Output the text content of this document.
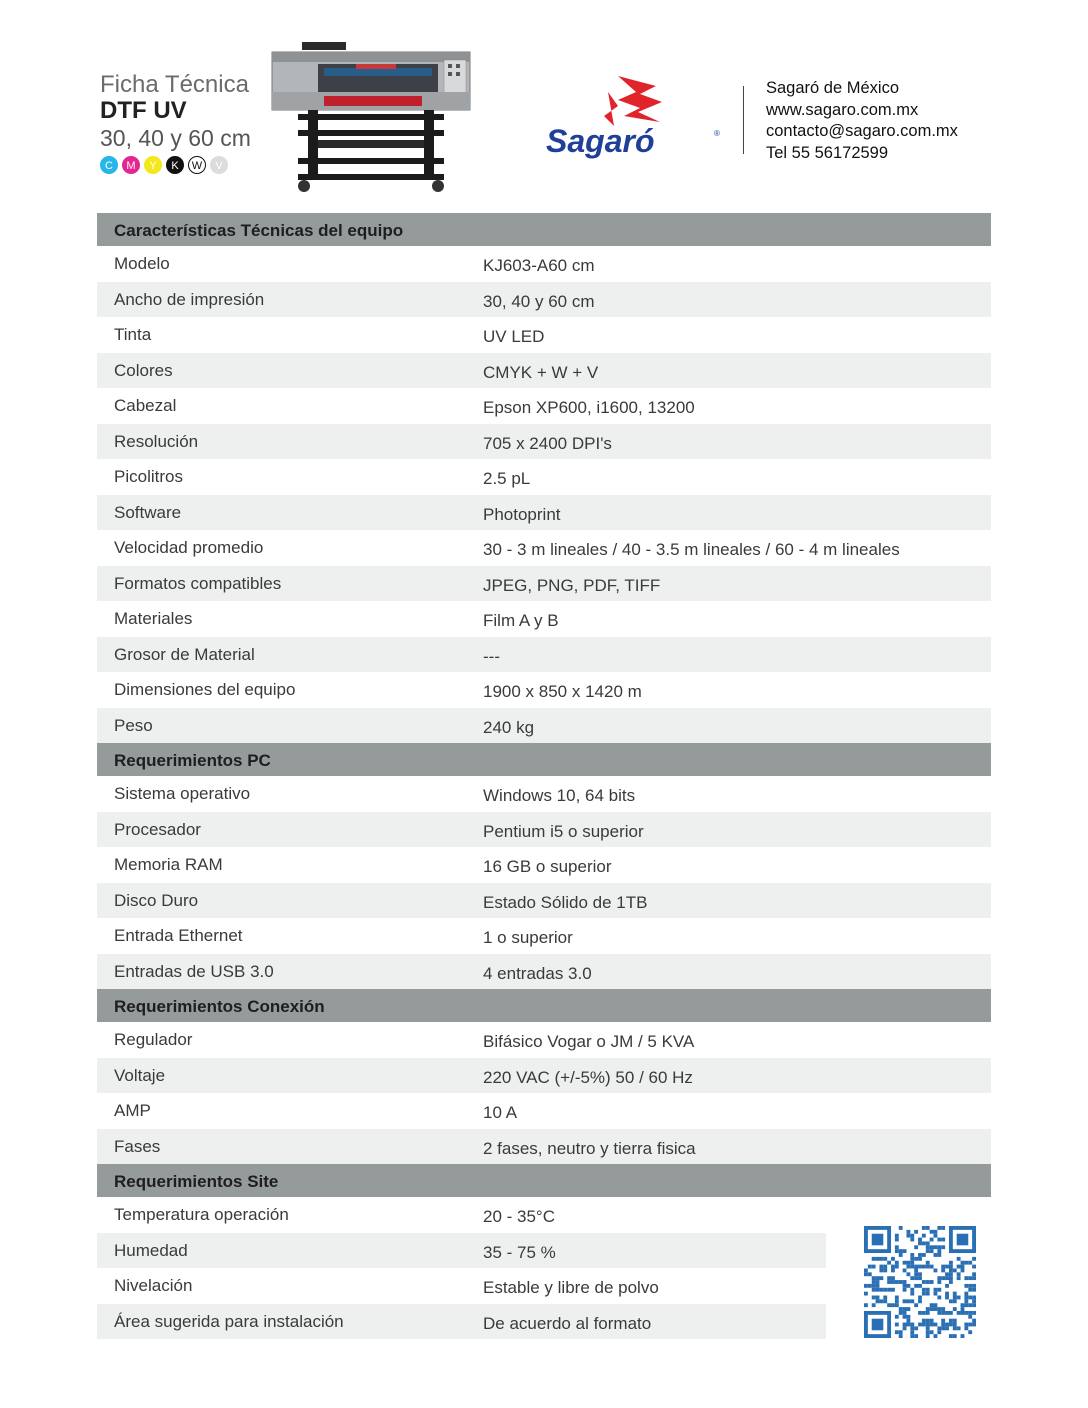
Ficha Técnica
DTF UV
30, 40 y 60 cm
C	M	Y	K	W	V
Sagaró	®
Sagaró de México
www.sagaro.com.mx
contacto@sagaro.com.mx
Tel 55 56172599
Características Técnicas del equipo
Modelo	KJ603-A60 cm
Ancho de impresión	30, 40 y 60 cm
Tinta	UV LED
Colores	CMYK + W + V
Cabezal	Epson XP600, i1600, 13200
Resolución	705 x 2400 DPI's
Picolitros	2.5 pL
Software	Photoprint
Velocidad promedio	30 - 3 m lineales / 40 - 3.5 m lineales / 60 - 4 m lineales
Formatos compatibles	JPEG, PNG, PDF, TIFF
Materiales	Film A y B
Grosor de Material	---
Dimensiones del equipo	1900 x 850 x 1420 m
Peso	240 kg
Requerimientos PC
Sistema operativo	Windows 10, 64 bits
Procesador	Pentium i5 o superior
Memoria RAM	16 GB o superior
Disco Duro	Estado Sólido de 1TB
Entrada Ethernet	1 o superior
Entradas de USB 3.0	4 entradas 3.0
Requerimientos Conexión
Regulador	Bifásico Vogar o JM / 5 KVA
Voltaje	220 VAC (+/-5%) 50 / 60 Hz
AMP	10 A
Fases	2 fases, neutro y tierra fisica
Requerimientos Site
Temperatura operación	20 - 35°C
Humedad	35 - 75 %
Nivelación	Estable y libre de polvo
Área sugerida para instalación	De acuerdo al formato
